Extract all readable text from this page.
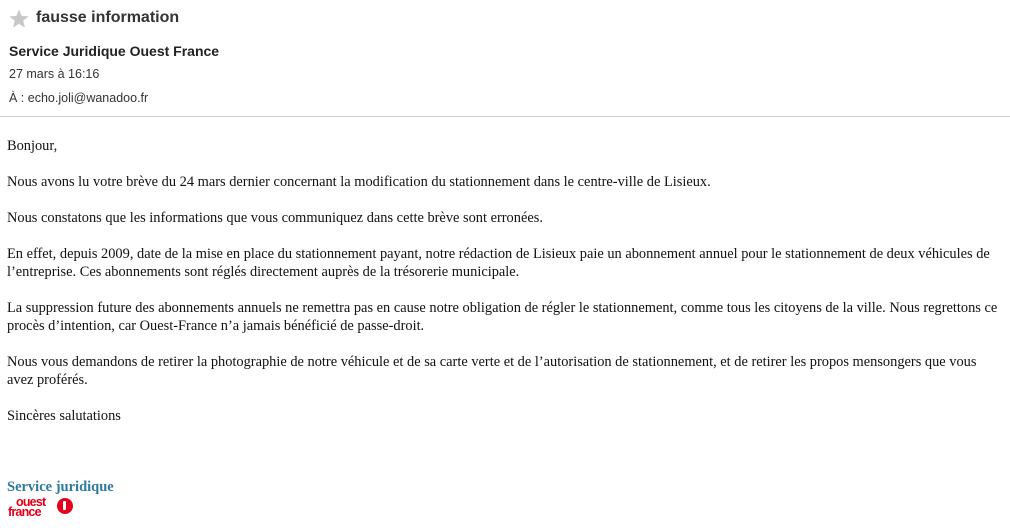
fausse information
Service Juridique Ouest France
27 mars à 16:16
À : echo.joli@wanadoo.fr

Bonjour,

Nous avons lu votre brève du 24 mars dernier concernant la modification du stationnement dans le centre-ville de Lisieux.

Nous constatons que les informations que vous communiquez dans cette brève sont erronées.

En effet, depuis 2009, date de la mise en place du stationnement payant, notre rédaction de Lisieux paie un abonnement annuel pour le stationnement de deux véhicules de l’entreprise. Ces abonnements sont réglés directement auprès de la trésorerie municipale.

La suppression future des abonnements annuels ne remettra pas en cause notre obligation de régler le stationnement, comme tous les citoyens de la ville. Nous regrettons ce procès d’intention, car Ouest-France n’a jamais bénéficié de passe-droit.

Nous vous demandons de retirer la photographie de notre véhicule et de sa carte verte et de l’autorisation de stationnement, et de retirer les propos mensongers que vous avez proférés.

Sincères salutations

Service juridique
ouest
france
